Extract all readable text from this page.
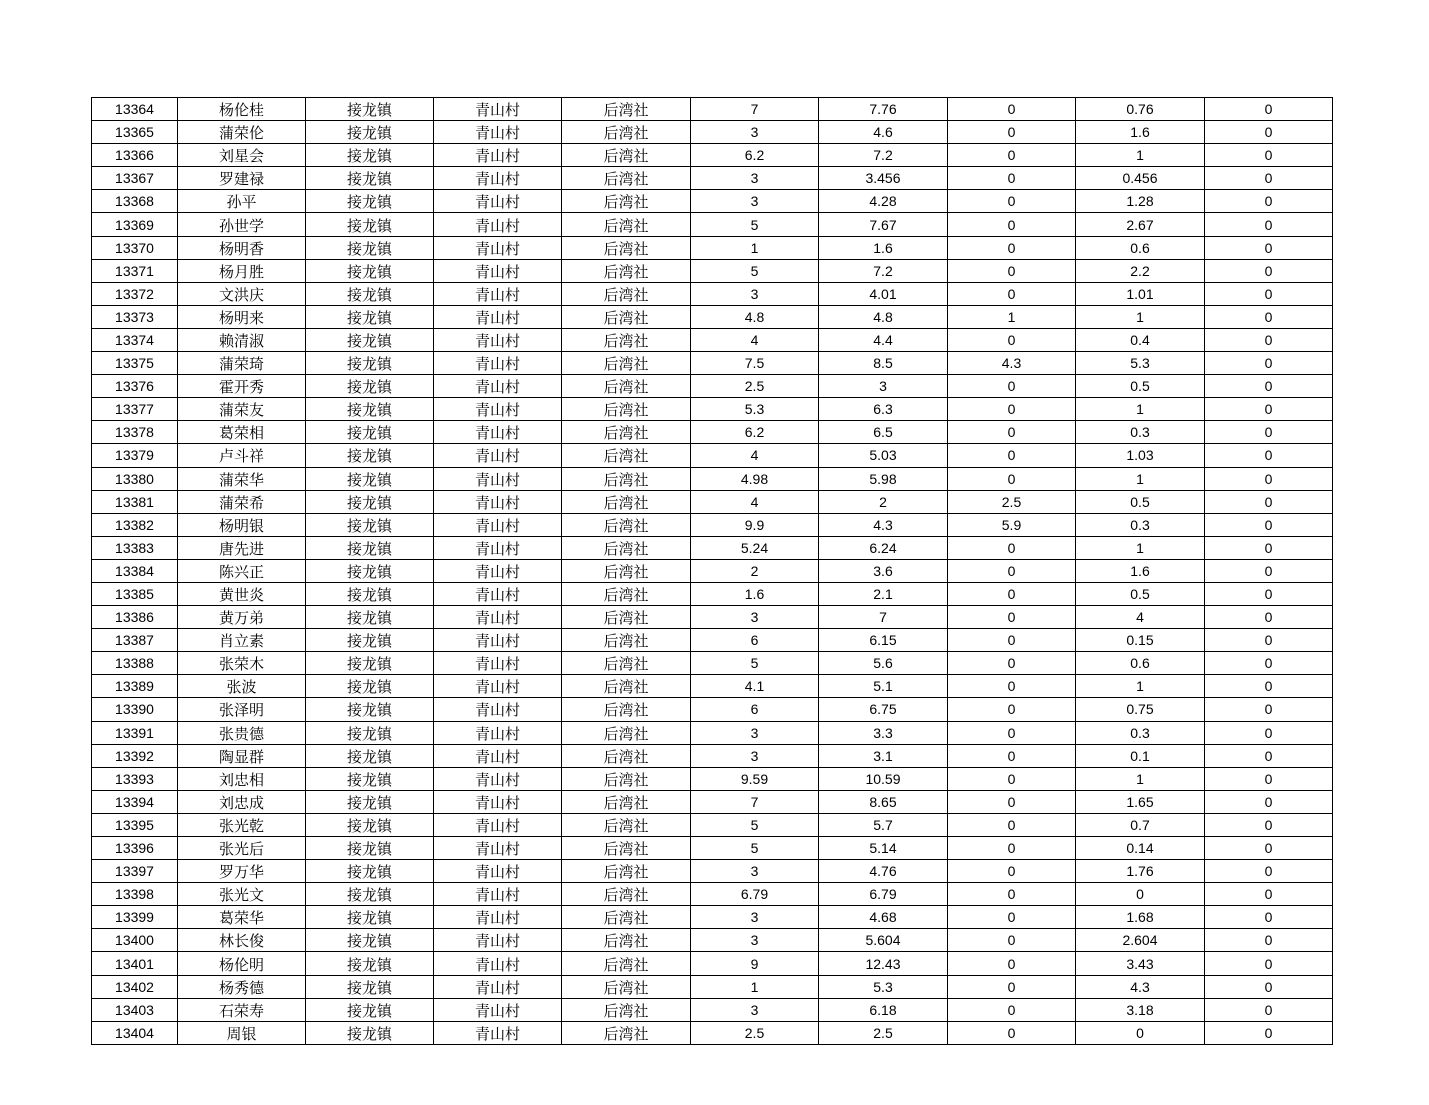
13364	杨伦桂	接龙镇	青山村	后湾社	7	7.76	0	0.76	0
13365	蒲荣伦	接龙镇	青山村	后湾社	3	4.6	0	1.6	0
13366	刘星会	接龙镇	青山村	后湾社	6.2	7.2	0	1	0
13367	罗建禄	接龙镇	青山村	后湾社	3	3.456	0	0.456	0
13368	孙平	接龙镇	青山村	后湾社	3	4.28	0	1.28	0
13369	孙世学	接龙镇	青山村	后湾社	5	7.67	0	2.67	0
13370	杨明香	接龙镇	青山村	后湾社	1	1.6	0	0.6	0
13371	杨月胜	接龙镇	青山村	后湾社	5	7.2	0	2.2	0
13372	文洪庆	接龙镇	青山村	后湾社	3	4.01	0	1.01	0
13373	杨明来	接龙镇	青山村	后湾社	4.8	4.8	1	1	0
13374	赖清淑	接龙镇	青山村	后湾社	4	4.4	0	0.4	0
13375	蒲荣琦	接龙镇	青山村	后湾社	7.5	8.5	4.3	5.3	0
13376	霍开秀	接龙镇	青山村	后湾社	2.5	3	0	0.5	0
13377	蒲荣友	接龙镇	青山村	后湾社	5.3	6.3	0	1	0
13378	葛荣相	接龙镇	青山村	后湾社	6.2	6.5	0	0.3	0
13379	卢斗祥	接龙镇	青山村	后湾社	4	5.03	0	1.03	0
13380	蒲荣华	接龙镇	青山村	后湾社	4.98	5.98	0	1	0
13381	蒲荣希	接龙镇	青山村	后湾社	4	2	2.5	0.5	0
13382	杨明银	接龙镇	青山村	后湾社	9.9	4.3	5.9	0.3	0
13383	唐先进	接龙镇	青山村	后湾社	5.24	6.24	0	1	0
13384	陈兴正	接龙镇	青山村	后湾社	2	3.6	0	1.6	0
13385	黄世炎	接龙镇	青山村	后湾社	1.6	2.1	0	0.5	0
13386	黄万弟	接龙镇	青山村	后湾社	3	7	0	4	0
13387	肖立素	接龙镇	青山村	后湾社	6	6.15	0	0.15	0
13388	张荣木	接龙镇	青山村	后湾社	5	5.6	0	0.6	0
13389	张波	接龙镇	青山村	后湾社	4.1	5.1	0	1	0
13390	张泽明	接龙镇	青山村	后湾社	6	6.75	0	0.75	0
13391	张贵德	接龙镇	青山村	后湾社	3	3.3	0	0.3	0
13392	陶显群	接龙镇	青山村	后湾社	3	3.1	0	0.1	0
13393	刘忠相	接龙镇	青山村	后湾社	9.59	10.59	0	1	0
13394	刘忠成	接龙镇	青山村	后湾社	7	8.65	0	1.65	0
13395	张光乾	接龙镇	青山村	后湾社	5	5.7	0	0.7	0
13396	张光后	接龙镇	青山村	后湾社	5	5.14	0	0.14	0
13397	罗万华	接龙镇	青山村	后湾社	3	4.76	0	1.76	0
13398	张光文	接龙镇	青山村	后湾社	6.79	6.79	0	0	0
13399	葛荣华	接龙镇	青山村	后湾社	3	4.68	0	1.68	0
13400	林长俊	接龙镇	青山村	后湾社	3	5.604	0	2.604	0
13401	杨伦明	接龙镇	青山村	后湾社	9	12.43	0	3.43	0
13402	杨秀德	接龙镇	青山村	后湾社	1	5.3	0	4.3	0
13403	石荣寿	接龙镇	青山村	后湾社	3	6.18	0	3.18	0
13404	周银	接龙镇	青山村	后湾社	2.5	2.5	0	0	0
